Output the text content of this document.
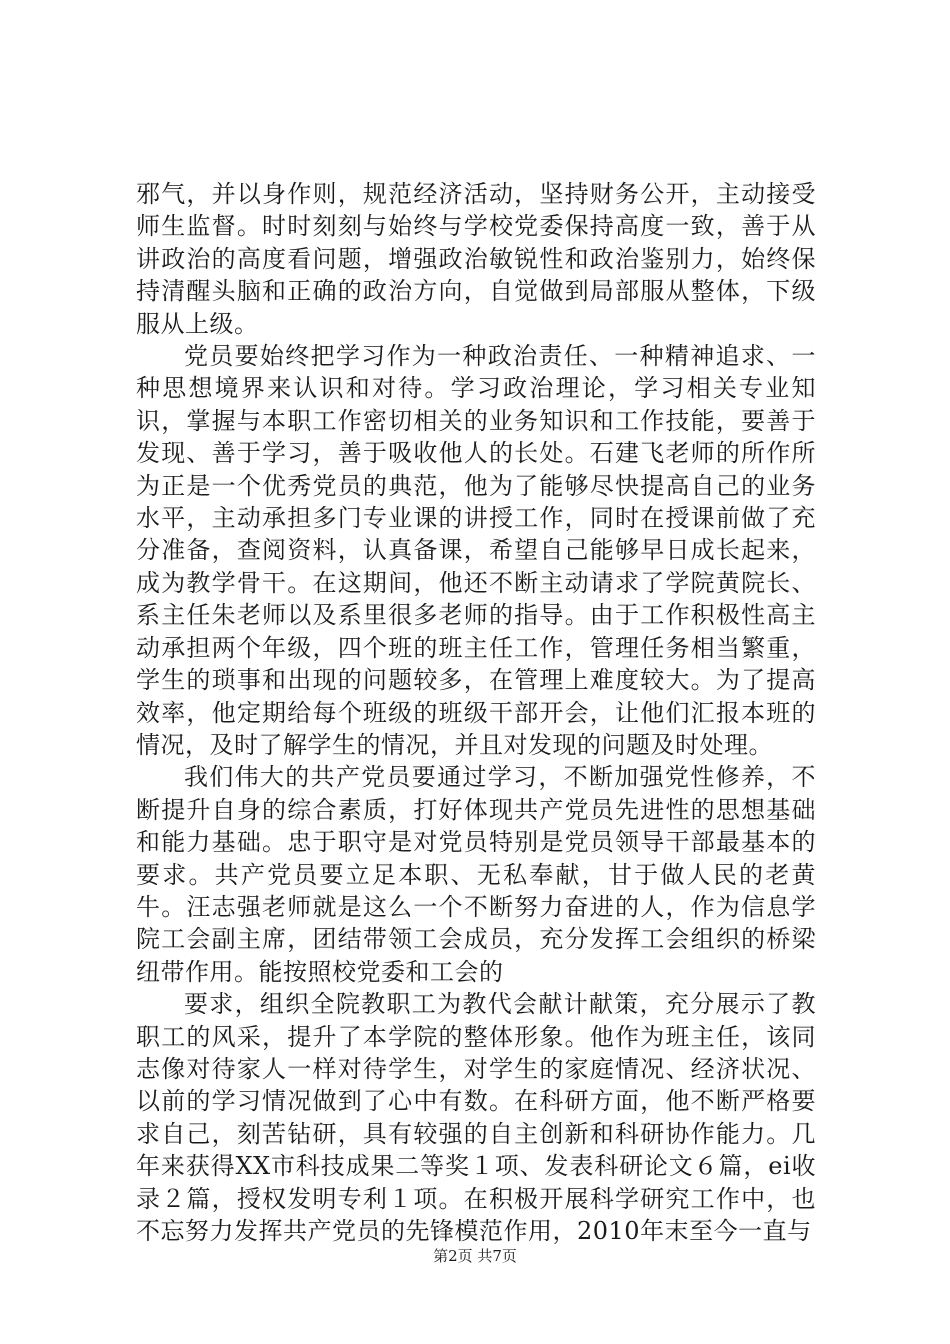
邪气，并以身作则，规范经济活动，坚持财务公开，主动接受师生监督。时时刻刻与始终与学校党委保持高度一致，善于从讲政治的高度看问题，增强政治敏锐性和政治鉴别力，始终保持清醒头脑和正确的政治方向，自觉做到局部服从整体，下级服从上级。

党员要始终把学习作为一种政治责任、一种精神追求、一种思想境界来认识和对待。学习政治理论，学习相关专业知识，掌握与本职工作密切相关的业务知识和工作技能，要善于发现、善于学习，善于吸收他人的长处。石建飞老师的所作所为正是一个优秀党员的典范，他为了能够尽快提高自己的业务水平，主动承担多门专业课的讲授工作，同时在授课前做了充分准备，查阅资料，认真备课，希望自己能够早日成长起来，成为教学骨干。在这期间，他还不断主动请求了学院黄院长、系主任朱老师以及系里很多老师的指导。由于工作积极性高主动承担两个年级，四个班的班主任工作，管理任务相当繁重，学生的琐事和出现的问题较多，在管理上难度较大。为了提高效率，他定期给每个班级的班级干部开会，让他们汇报本班的情况，及时了解学生的情况，并且对发现的问题及时处理。

我们伟大的共产党员要通过学习，不断加强党性修养，不断提升自身的综合素质，打好体现共产党员先进性的思想基础和能力基础。忠于职守是对党员特别是党员领导干部最基本的要求。共产党员要立足本职、无私奉献，甘于做人民的老黄牛。汪志强老师就是这么一个不断努力奋进的人，作为信息学院工会副主席，团结带领工会成员，充分发挥工会组织的桥梁纽带作用。能按照校党委和工会的

要求，组织全院教职工为教代会献计献策，充分展示了教职工的风采，提升了本学院的整体形象。他作为班主任，该同志像对待家人一样对待学生，对学生的家庭情况、经济状况、以前的学习情况做到了心中有数。在科研方面，他不断严格要求自己，刻苦钻研，具有较强的自主创新和科研协作能力。几年来获得XX市科技成果二等奖１项、发表科研论文６篇，ei收录２篇，授权发明专利１项。在积极开展科学研究工作中，也不忘努力发挥共产党员的先锋模范作用，2010年末至今一直与

第2页 共7页
